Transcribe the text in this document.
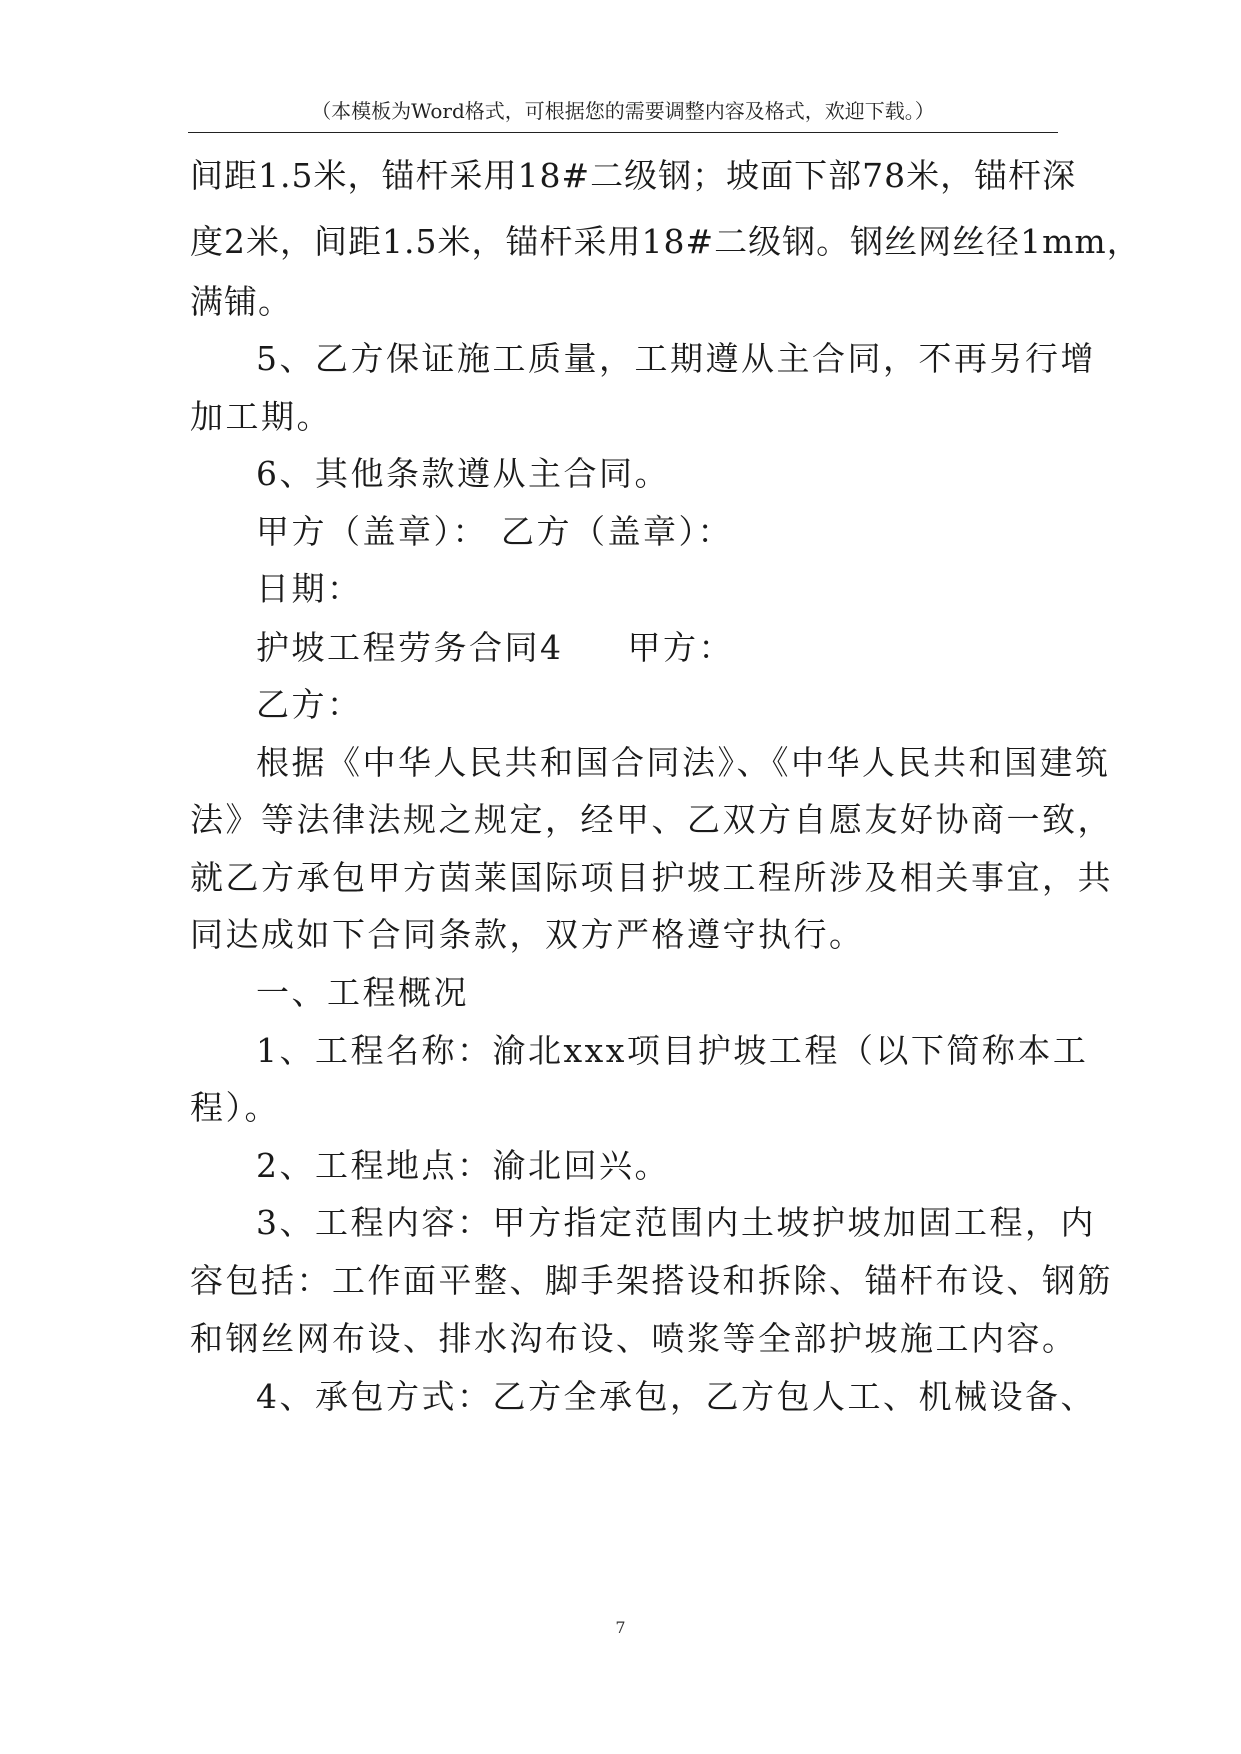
（本模板为Word格式，可根据您的需要调整内容及格式，欢迎下载。）
间距1.5米，锚杆采用18#二级钢；坡面下部78米，锚杆深
度2米，间距1.5米，锚杆采用18#二级钢。钢丝网丝径1mm，
满铺。
5、乙方保证施工质量，工期遵从主合同，不再另行增
加工期。
6、其他条款遵从主合同。
甲方（盖章）： 乙方（盖章）：
日期：
护坡工程劳务合同4 甲方：
乙方：
根据《中华人民共和国合同法》、《中华人民共和国建筑
法》等法律法规之规定，经甲、乙双方自愿友好协商一致，
就乙方承包甲方茵莱国际项目护坡工程所涉及相关事宜，共
同达成如下合同条款，双方严格遵守执行。
一、工程概况
1、工程名称：渝北xxx项目护坡工程（以下简称本工
程）。
2、工程地点：渝北回兴。
3、工程内容：甲方指定范围内土坡护坡加固工程，内
容包括：工作面平整、脚手架搭设和拆除、锚杆布设、钢筋
和钢丝网布设、排水沟布设、喷浆等全部护坡施工内容。
4、承包方式：乙方全承包，乙方包人工、机械设备、
7
